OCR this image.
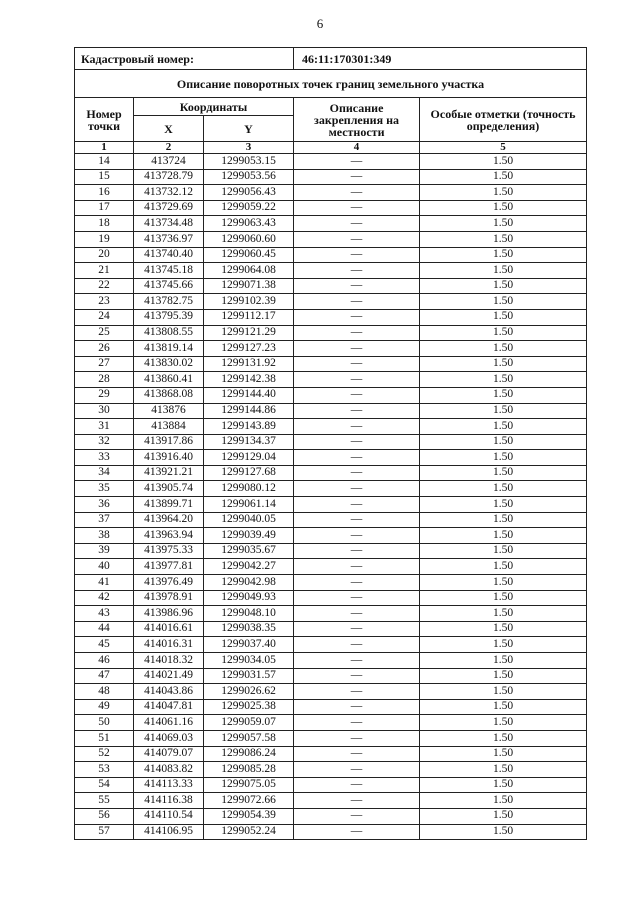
6
Кадастровый номер:			46:11:170301:349	
Описание поворотных точек границ земельного участка				
Номер точки	Координаты		Описание закрепления на местности	Особые отметки (точность определения)
	X	Y		
1	2	3	4	5
14	413724	1299053.15	—	1.50
15	413728.79	1299053.56	—	1.50
16	413732.12	1299056.43	—	1.50
17	413729.69	1299059.22	—	1.50
18	413734.48	1299063.43	—	1.50
19	413736.97	1299060.60	—	1.50
20	413740.40	1299060.45	—	1.50
21	413745.18	1299064.08	—	1.50
22	413745.66	1299071.38	—	1.50
23	413782.75	1299102.39	—	1.50
24	413795.39	1299112.17	—	1.50
25	413808.55	1299121.29	—	1.50
26	413819.14	1299127.23	—	1.50
27	413830.02	1299131.92	—	1.50
28	413860.41	1299142.38	—	1.50
29	413868.08	1299144.40	—	1.50
30	413876	1299144.86	—	1.50
31	413884	1299143.89	—	1.50
32	413917.86	1299134.37	—	1.50
33	413916.40	1299129.04	—	1.50
34	413921.21	1299127.68	—	1.50
35	413905.74	1299080.12	—	1.50
36	413899.71	1299061.14	—	1.50
37	413964.20	1299040.05	—	1.50
38	413963.94	1299039.49	—	1.50
39	413975.33	1299035.67	—	1.50
40	413977.81	1299042.27	—	1.50
41	413976.49	1299042.98	—	1.50
42	413978.91	1299049.93	—	1.50
43	413986.96	1299048.10	—	1.50
44	414016.61	1299038.35	—	1.50
45	414016.31	1299037.40	—	1.50
46	414018.32	1299034.05	—	1.50
47	414021.49	1299031.57	—	1.50
48	414043.86	1299026.62	—	1.50
49	414047.81	1299025.38	—	1.50
50	414061.16	1299059.07	—	1.50
51	414069.03	1299057.58	—	1.50
52	414079.07	1299086.24	—	1.50
53	414083.82	1299085.28	—	1.50
54	414113.33	1299075.05	—	1.50
55	414116.38	1299072.66	—	1.50
56	414110.54	1299054.39	—	1.50
57	414106.95	1299052.24	—	1.50
